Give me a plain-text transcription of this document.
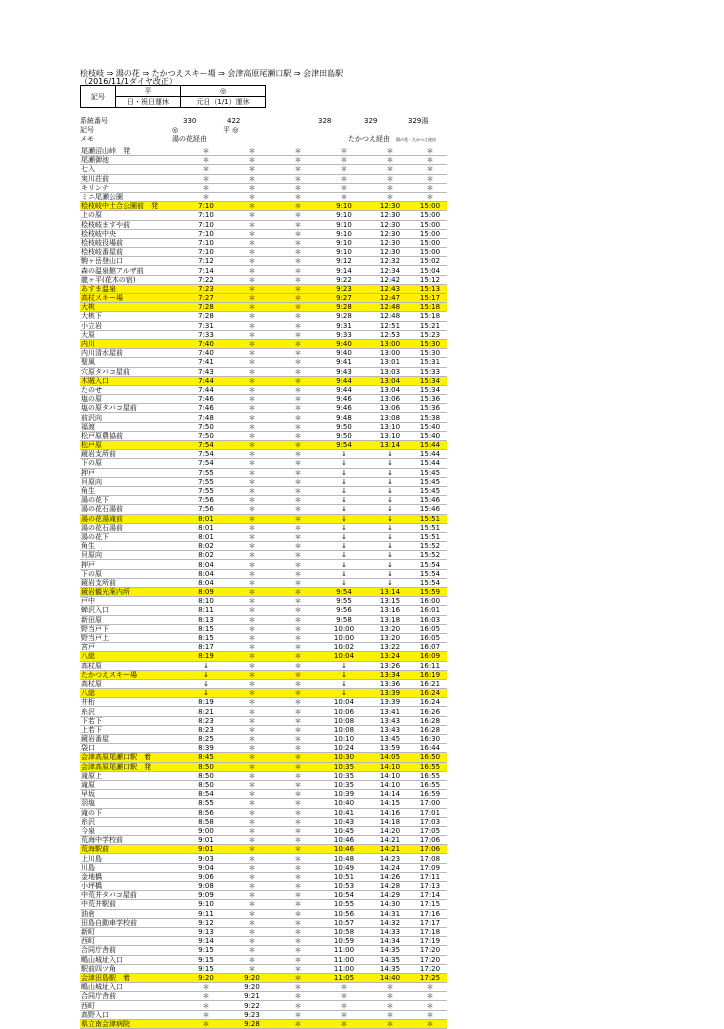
桧枝岐 ⇒ 湯の花 ⇒ たかつえスキー場 ⇒ 会津高原尾瀬口駅 ⇒ 会津田島駅
（2016/11/1ダイヤ改正）
記号	平	◎
	日・祝日運休	元日（1/1）運休
系統番号	330	422	328	329	329湯
記号	◎	平 ◎
メモ	湯の花経由	たかつえ経由 湯の花・たかつえ経由
尾瀬沼山峠　発	＊	＊	＊	＊	＊	＊
尾瀬御池	＊	＊	＊	＊	＊	＊
七入	＊	＊	＊	＊	＊	＊
実川荘前	＊	＊	＊	＊	＊	＊
キリンテ	＊	＊	＊	＊	＊	＊
ミニ尾瀬公園	＊	＊	＊	＊	＊	＊
桧枝岐中土合公園前　発	7:10	＊	＊	9:10	12:30	15:00
上の原	7:10	＊	＊	9:10	12:30	15:00
桧枝岐ますや前	7:10	＊	＊	9:10	12:30	15:00
桧枝岐中央	7:10	＊	＊	9:10	12:30	15:00
桧枝岐役場前	7:10	＊	＊	9:10	12:30	15:00
桧枝岐番屋前	7:10	＊	＊	9:10	12:30	15:00
駒ヶ岳登山口	7:12	＊	＊	9:12	12:32	15:02
森の温泉館アルザ前	7:14	＊	＊	9:14	12:34	15:04
龍ヶ平(花木の宿)	7:22	＊	＊	9:22	12:42	15:12
あすま温泉	7:23	＊	＊	9:23	12:43	15:13
高杖スキー場	7:27	＊	＊	9:27	12:47	15:17
大桃	7:28	＊	＊	9:28	12:48	15:18
大桃下	7:28	＊	＊	9:28	12:48	15:18
小立岩	7:31	＊	＊	9:31	12:51	15:21
大原	7:33	＊	＊	9:33	12:53	15:23
内川	7:40	＊	＊	9:40	13:00	15:30
内川清水屋前	7:40	＊	＊	9:40	13:00	15:30
聖風	7:41	＊	＊	9:41	13:01	15:31
穴原タバコ屋前	7:43	＊	＊	9:43	13:03	15:33
木賊入口	7:44	＊	＊	9:44	13:04	15:34
たのせ	7:44	＊	＊	9:44	13:04	15:34
塩の原	7:46	＊	＊	9:46	13:06	15:36
塩の原タバコ屋前	7:46	＊	＊	9:46	13:06	15:36
前沢向	7:48	＊	＊	9:48	13:08	15:38
福渡	7:50	＊	＊	9:50	13:10	15:40
松戸原農協前	7:50	＊	＊	9:50	13:10	15:40
松戸原	7:54	＊	＊	9:54	13:14	15:44
鏡岩支所前	7:54	＊	＊	↓	↓	15:44
下の原	7:54	＊	＊	↓	↓	15:44
押戸	7:55	＊	＊	↓	↓	15:45
貝原向	7:55	＊	＊	↓	↓	15:45
角生	7:55	＊	＊	↓	↓	15:45
湯の花下	7:56	＊	＊	↓	↓	15:46
湯の花石湯前	7:56	＊	＊	↓	↓	15:46
湯の花湯滝前	8:01	＊	＊	↓	↓	15:51
湯の花石湯前	8:01	＊	＊	↓	↓	15:51
湯の花下	8:01	＊	＊	↓	↓	15:51
角生	8:02	＊	＊	↓	↓	15:52
貝原向	8:02	＊	＊	↓	↓	15:52
押戸	8:04	＊	＊	↓	↓	15:54
下の原	8:04	＊	＊	↓	↓	15:54
鏡岩支所前	8:04	＊	＊	↓	↓	15:54
鏡岩観光案内所	8:09	＊	＊	9:54	13:14	15:59
戸中	8:10	＊	＊	9:55	13:15	16:00
蝉沢入口	8:11	＊	＊	9:56	13:16	16:01
新田原	8:13	＊	＊	9:58	13:18	16:03
野当戸下	8:15	＊	＊	10:00	13:20	16:05
野当戸上	8:15	＊	＊	10:00	13:20	16:05
宮戸	8:17	＊	＊	10:02	13:22	16:07
八総	8:19	＊	＊	10:04	13:24	16:09
高杖原	↓	＊	＊	↓	13:26	16:11
たかつえスキー場	↓	＊	＊	↓	13:34	16:19
高杖原	↓	＊	＊	↓	13:36	16:21
八総	↓	＊	＊	↓	13:39	16:24
井桁	8:19	＊	＊	10:04	13:39	16:24
糸沢	8:21	＊	＊	10:06	13:41	16:26
下若下	8:23	＊	＊	10:08	13:43	16:28
上若下	8:23	＊	＊	10:08	13:43	16:28
鏡岩番屋	8:25	＊	＊	10:10	13:45	16:30
袋口	8:39	＊	＊	10:24	13:59	16:44
会津高原尾瀬口駅　着	8:45	＊	＊	10:30	14:05	16:50
会津高原尾瀬口駅　発	8:50	＊	＊	10:35	14:10	16:55
滝原上	8:50	＊	＊	10:35	14:10	16:55
滝原	8:50	＊	＊	10:35	14:10	16:55
早坂	8:54	＊	＊	10:39	14:14	16:59
羽塩	8:55	＊	＊	10:40	14:15	17:00
滝の下	8:56	＊	＊	10:41	14:16	17:01
糸沢	8:58	＊	＊	10:43	14:18	17:03
今泉	9:00	＊	＊	10:45	14:20	17:05
荒海中学校前	9:01	＊	＊	10:46	14:21	17:06
荒海駅前	9:01	＊	＊	10:46	14:21	17:06
上川島	9:03	＊	＊	10:48	14:23	17:08
川島	9:04	＊	＊	10:49	14:24	17:09
金地橋	9:06	＊	＊	10:51	14:26	17:11
小坪橋	9:08	＊	＊	10:53	14:28	17:13
中荒井タバコ屋前	9:09	＊	＊	10:54	14:29	17:14
中荒井駅前	9:10	＊	＊	10:55	14:30	17:15
油倉	9:11	＊	＊	10:56	14:31	17:16
田島自動車学校前	9:12	＊	＊	10:57	14:32	17:17
新町	9:13	＊	＊	10:58	14:33	17:18
西町	9:14	＊	＊	10:59	14:34	17:19
合同庁舎前	9:15	＊	＊	11:00	14:35	17:20
鴫山城址入口	9:15	＊	＊	11:00	14:35	17:20
駅前四ツ角	9:15	＊	＊	11:00	14:35	17:20
会津田島駅　着	9:20	9:20	＊	11:05	14:40	17:25
鴫山城址入口	＊	9:20	＊	＊	＊	＊
合同庁舎前	＊	9:21	＊	＊	＊	＊
西町	＊	9:22	＊	＊	＊	＊
高野入口	＊	9:23	＊	＊	＊	＊
県立南会津病院	＊	9:28	＊	＊	＊	＊
